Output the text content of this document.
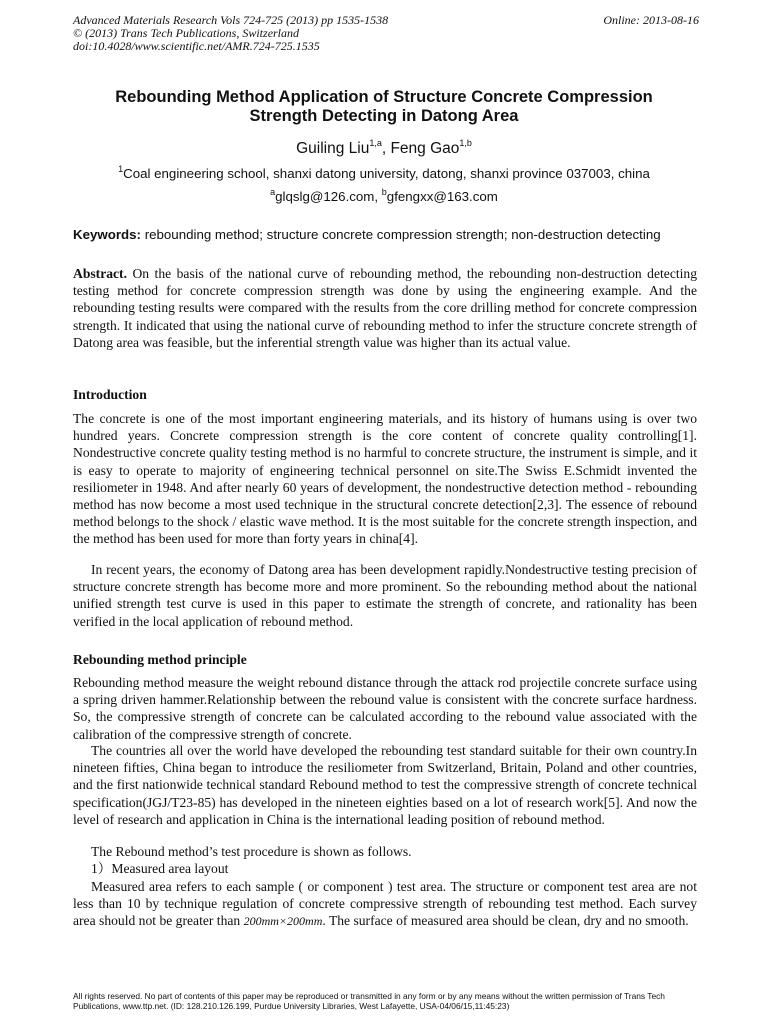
Advanced Materials Research Vols 724-725 (2013) pp 1535-1538	Online: 2013-08-16
© (2013) Trans Tech Publications, Switzerland
doi:10.4028/www.scientific.net/AMR.724-725.1535
Rebounding Method Application of Structure Concrete Compression
Strength Detecting in Datong Area
Guiling Liu$^{1,a}$, Feng Gao$^{1,b}$
$^1$Coal engineering school, shanxi datong university, datong, shanxi province 037003, china
$^a$glqslg@126.com, $^b$gfengxx@163.com
Keywords: rebounding method; structure concrete compression strength; non-destruction detecting
Abstract. On the basis of the national curve of rebounding method, the rebounding non-destruction detecting testing method for concrete compression strength was done by using the engineering example. And the rebounding testing results were compared with the results from the core drilling method for concrete compression strength. It indicated that using the national curve of rebounding method to infer the structure concrete strength of Datong area was feasible, but the inferential strength value was higher than its actual value.
Introduction
The concrete is one of the most important engineering materials, and its history of humans using is over two hundred years. Concrete compression strength is the core content of concrete quality controlling[1]. Nondestructive concrete quality testing method is no harmful to concrete structure, the instrument is simple, and it is easy to operate to majority of engineering technical personnel on site.The Swiss E.Schmidt invented the resiliometer in 1948. And after nearly 60 years of development, the nondestructive detection method - rebounding method has now become a most used technique in the structural concrete detection[2,3]. The essence of rebound method belongs to the shock / elastic wave method. It is the most suitable for the concrete strength inspection, and the method has been used for more than forty years in china[4].
In recent years, the economy of Datong area has been development rapidly.Nondestructive testing precision of structure concrete strength has become more and more prominent. So the rebounding method about the national unified strength test curve is used in this paper to estimate the strength of concrete, and rationality has been verified in the local application of rebound method.
Rebounding method principle
Rebounding method measure the weight rebound distance through the attack rod projectile concrete surface using a spring driven hammer.Relationship between the rebound value is consistent with the concrete surface hardness. So, the compressive strength of concrete can be calculated according to the rebound value associated with the calibration of the compressive strength of concrete.
The countries all over the world have developed the rebounding test standard suitable for their own country.In nineteen fifties, China began to introduce the resiliometer from Switzerland, Britain, Poland and other countries, and the first nationwide technical standard Rebound method to test the compressive strength of concrete technical specification(JGJ/T23-85) has developed in the nineteen eighties based on a lot of research work[5]. And now the level of research and application in China is the international leading position of rebound method.
The Rebound method’s test procedure is shown as follows.
1）Measured area layout
Measured area refers to each sample ( or component ) test area. The structure or component test area are not less than 10 by technique regulation of concrete compressive strength of rebounding test method. Each survey area should not be greater than 200mm×200mm. The surface of measured area should be clean, dry and no smooth.
All rights reserved. No part of contents of this paper may be reproduced or transmitted in any form or by any means without the written permission of Trans Tech Publications, www.ttp.net. (ID: 128.210.126.199, Purdue University Libraries, West Lafayette, USA-04/06/15,11:45:23)
